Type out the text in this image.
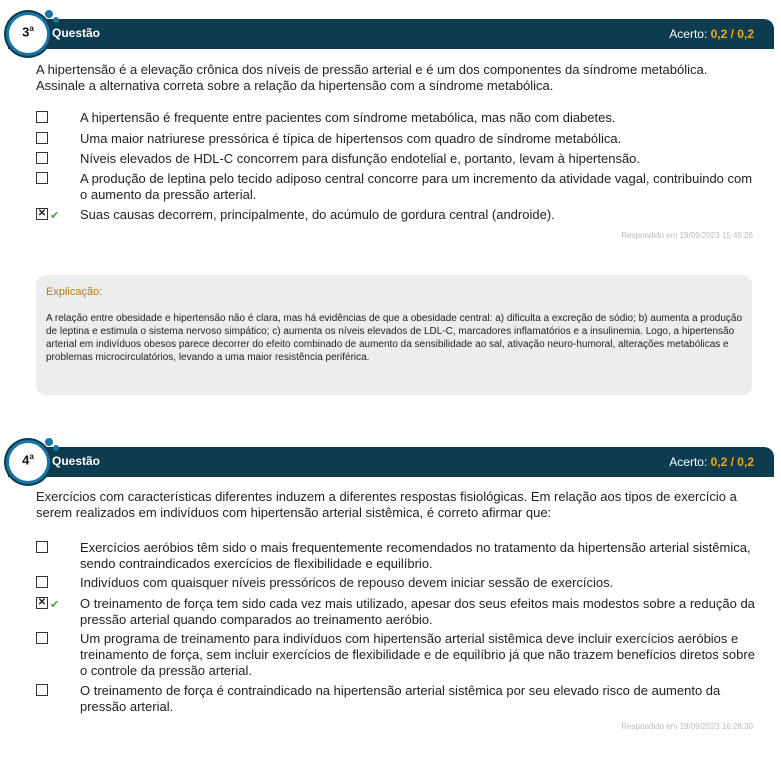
Questão	Acerto: 0,2 / 0,2
3$^a$
A hipertensão é a elevação crônica dos níveis de pressão arterial e é um dos componentes da síndrome metabólica. Assinale a alternativa correta sobre a relação da hipertensão com a síndrome metabólica.
A hipertensão é frequente entre pacientes com síndrome metabólica, mas não com diabetes.
Uma maior natriurese pressórica é típica de hipertensos com quadro de síndrome metabólica.
Níveis elevados de HDL-C concorrem para disfunção endotelial e, portanto, levam à hipertensão.
A produção de leptina pelo tecido adiposo central concorre para um incremento da atividade vagal, contribuindo com o aumento da pressão arterial.
✕ ✔ Suas causas decorrem, principalmente, do acúmulo de gordura central (androide).
Respondido em 19/09/2023 15:45:26
Explicação:
A relação entre obesidade e hipertensão não é clara, mas há evidências de que a obesidade central: a) dificulta a excreção de sódio; b) aumenta a produção de leptina e estimula o sistema nervoso simpático; c) aumenta os níveis elevados de LDL-C, marcadores inflamatórios e a insulinemia. Logo, a hipertensão arterial em indivíduos obesos parece decorrer do efeito combinado de aumento da sensibilidade ao sal, ativação neuro-humoral, alterações metabólicas e problemas microcirculatórios, levando a uma maior resistência periférica.
Questão	Acerto: 0,2 / 0,2
4$^a$
Exercícios com características diferentes induzem a diferentes respostas fisiológicas. Em relação aos tipos de exercício a serem realizados em indivíduos com hipertensão arterial sistêmica, é correto afirmar que:
Exercícios aeróbios têm sido o mais frequentemente recomendados no tratamento da hipertensão arterial sistêmica, sendo contraindicados exercícios de flexibilidade e equilíbrio.
Indivíduos com quaisquer níveis pressóricos de repouso devem iniciar sessão de exercícios.
✕ ✔ O treinamento de força tem sido cada vez mais utilizado, apesar dos seus efeitos mais modestos sobre a redução da pressão arterial quando comparados ao treinamento aeróbio.
Um programa de treinamento para indivíduos com hipertensão arterial sistêmica deve incluir exercícios aeróbios e treinamento de força, sem incluir exercícios de flexibilidade e de equilíbrio já que não trazem benefícios diretos sobre o controle da pressão arterial.
O treinamento de força é contraindicado na hipertensão arterial sistêmica por seu elevado risco de aumento da pressão arterial.
Respondido em 19/09/2023 16:28:30
